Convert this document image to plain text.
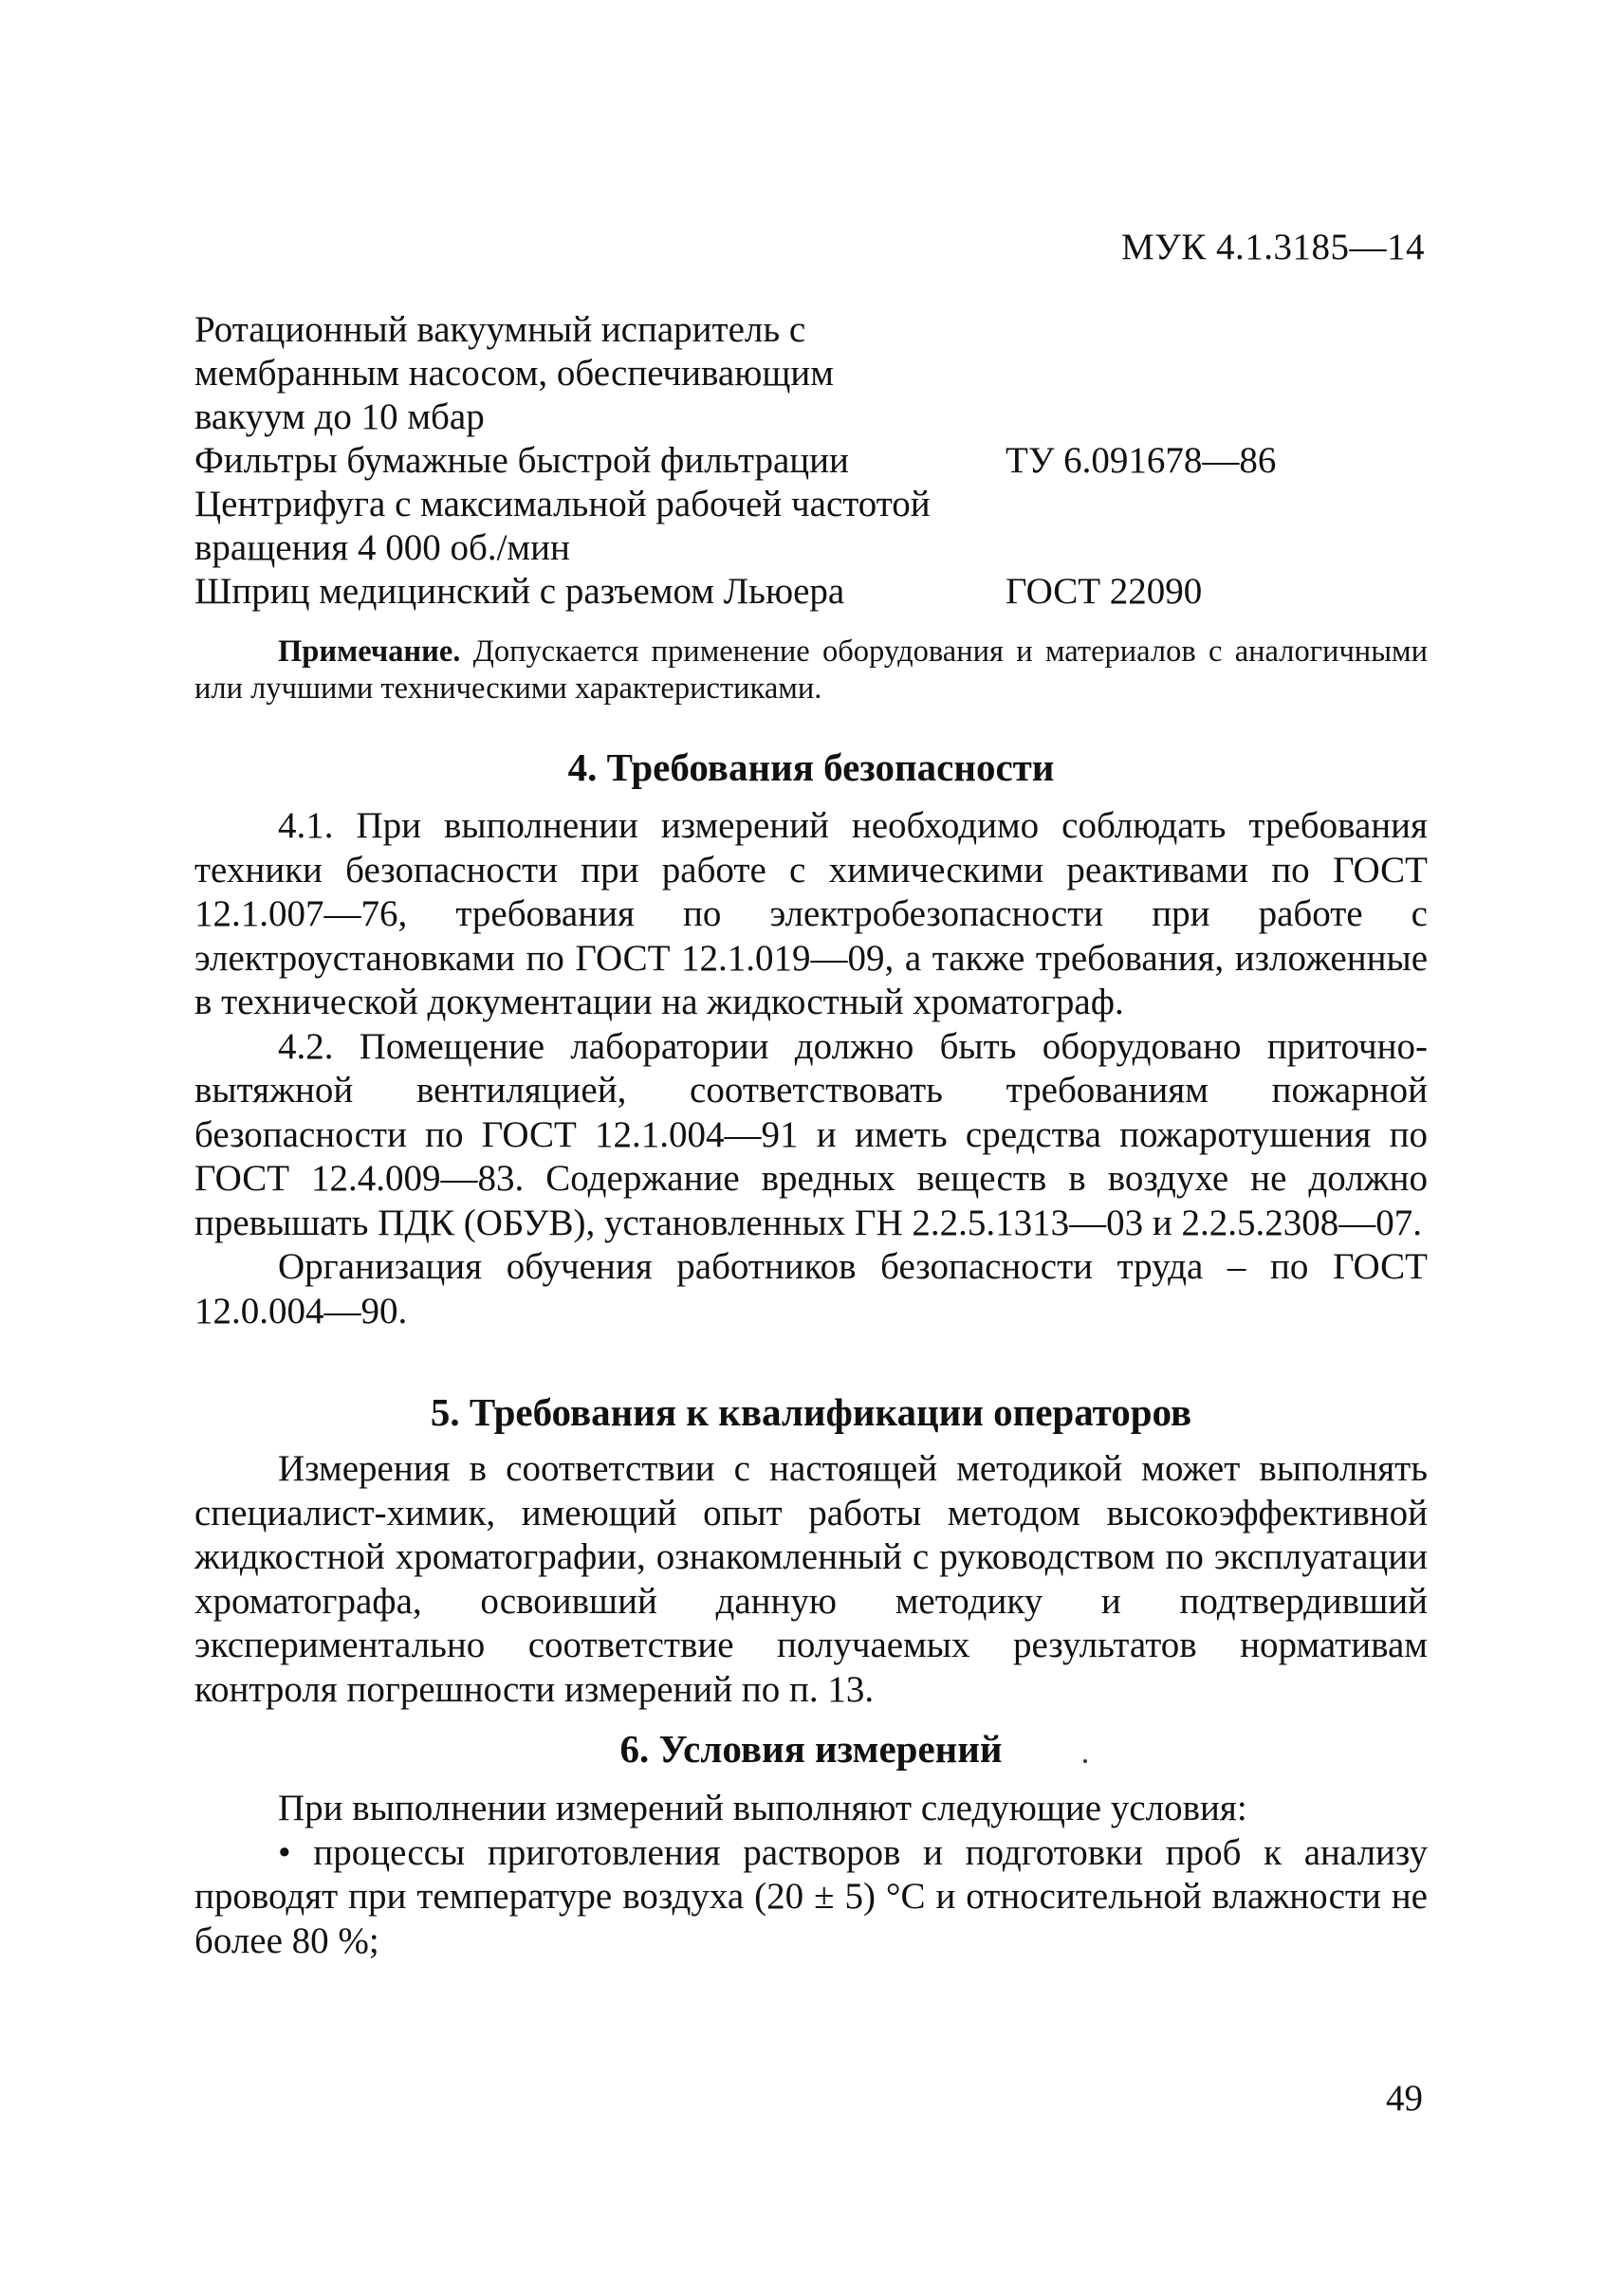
МУК 4.1.3185—14
Ротационный вакуумный испаритель с
мембранным насосом, обеспечивающим
вакуум до 10 мбар
Фильтры бумажные быстрой фильтрации	ТУ 6.091678—86
Центрифуга с максимальной рабочей частотой
вращения 4 000 об./мин
Шприц медицинский с разъемом Льюера	ГОСТ 22090
Примечание. Допускается применение оборудования и материалов с аналогичными или лучшими техническими характеристиками.
4. Требования безопасности

4.1. При выполнении измерений необходимо соблюдать требования техники безопасности при работе с химическими реактивами по ГОСТ 12.1.007—76, требования по электробезопасности при работе с электроустановками по ГОСТ 12.1.019—09, а также требования, изложенные в технической документации на жидкостный хроматограф.

4.2. Помещение лаборатории должно быть оборудовано приточно-вытяжной вентиляцией, соответствовать требованиям пожарной безопасности по ГОСТ 12.1.004—91 и иметь средства пожаротушения по ГОСТ 12.4.009—83. Содержание вредных веществ в воздухе не должно превышать ПДК (ОБУВ), установленных ГН 2.2.5.1313—03 и 2.2.5.2308—07.

Организация обучения работников безопасности труда – по ГОСТ 12.0.004—90.

5. Требования к квалификации операторов

Измерения в соответствии с настоящей методикой может выполнять специалист-химик, имеющий опыт работы методом высокоэффективной жидкостной хроматографии, ознакомленный с руководством по эксплуатации хроматографа, освоивший данную методику и подтвердивший экспериментально соответствие получаемых результатов нормативам контроля погрешности измерений по п. 13.

6. Условия измерений

При выполнении измерений выполняют следующие условия:

• процессы приготовления растворов и подготовки проб к анализу проводят при температуре воздуха (20 ± 5) °С и относительной влажности не более 80 %;

49
